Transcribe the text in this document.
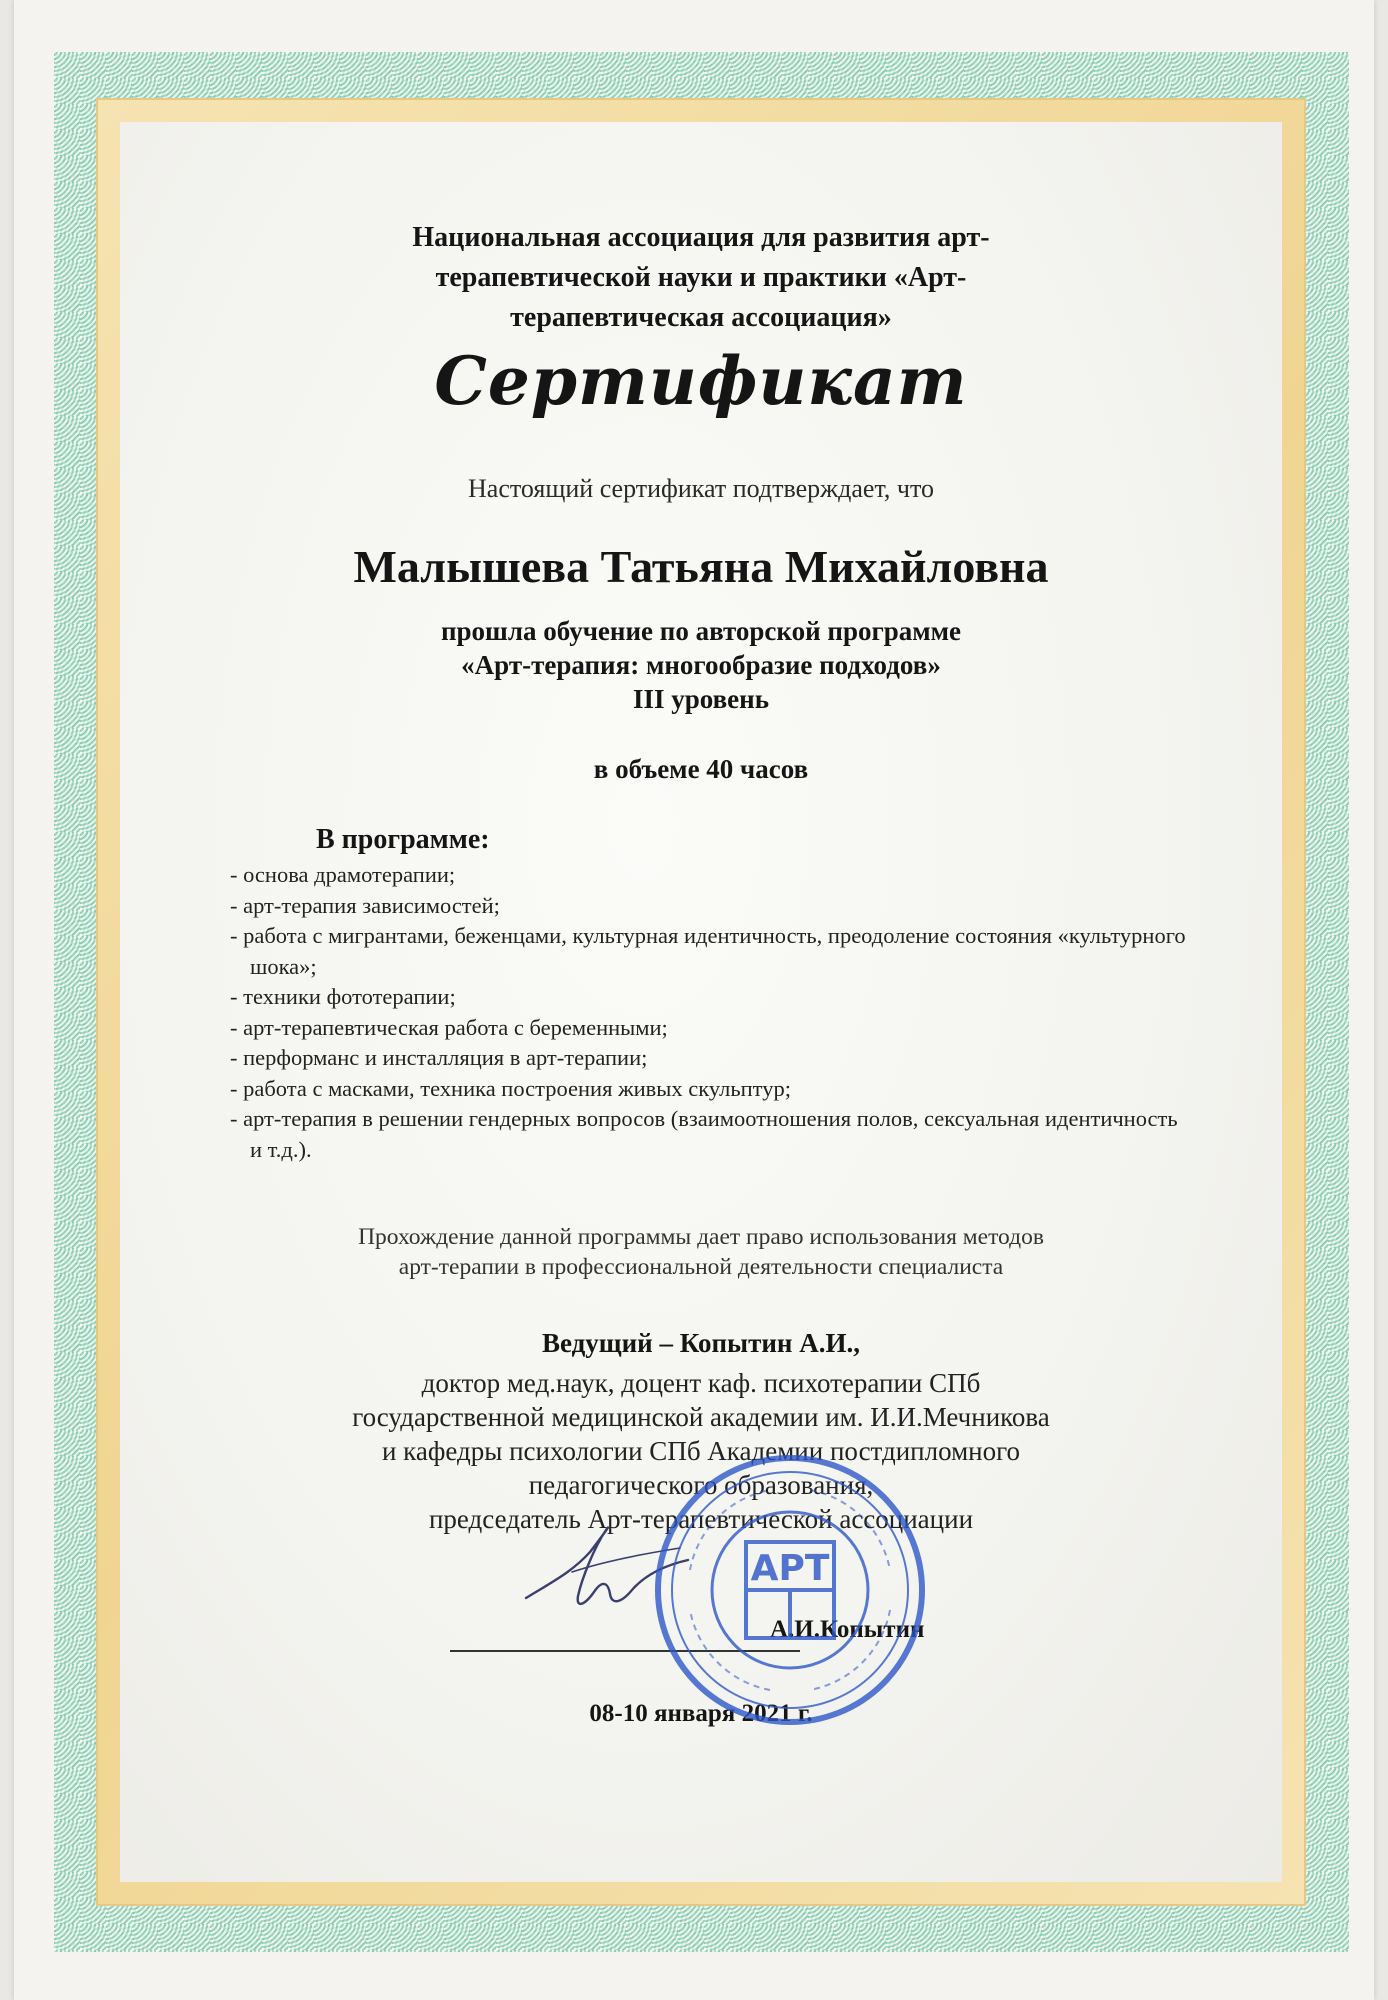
Национальная ассоциация для развития арт-терапевтической науки и практики «Арт-терапевтическая ассоциация»
Сертификат
Настоящий сертификат подтверждает, что
Малышева Татьяна Михайловна
прошла обучение по авторской программе
«Арт-терапия: многообразие подходов»
III уровень
в объеме 40 часов
В программе:
- основа драмотерапии;
- арт-терапия зависимостей;
- работа с мигрантами, беженцами, культурная идентичность, преодоление состояния «культурного шока»;
- техники фототерапии;
- арт-терапевтическая работа с беременными;
- перформанс и инсталляция в арт-терапии;
- работа с масками, техника построения живых скульптур;
- арт-терапия в решении гендерных вопросов (взаимоотношения полов, сексуальная идентичность и т.д.).
Прохождение данной программы дает право использования методов
арт-терапии в профессиональной деятельности специалиста
Ведущий – Копытин А.И.,
доктор мед.наук, доцент каф. психотерапии СПб
государственной медицинской академии им. И.И.Мечникова
и кафедры психологии СПб Академии постдипломного
педагогического образования,
председатель Арт-терапевтической ассоциации
А.И.Копытин
08-10 января 2021 г.
АРТ
